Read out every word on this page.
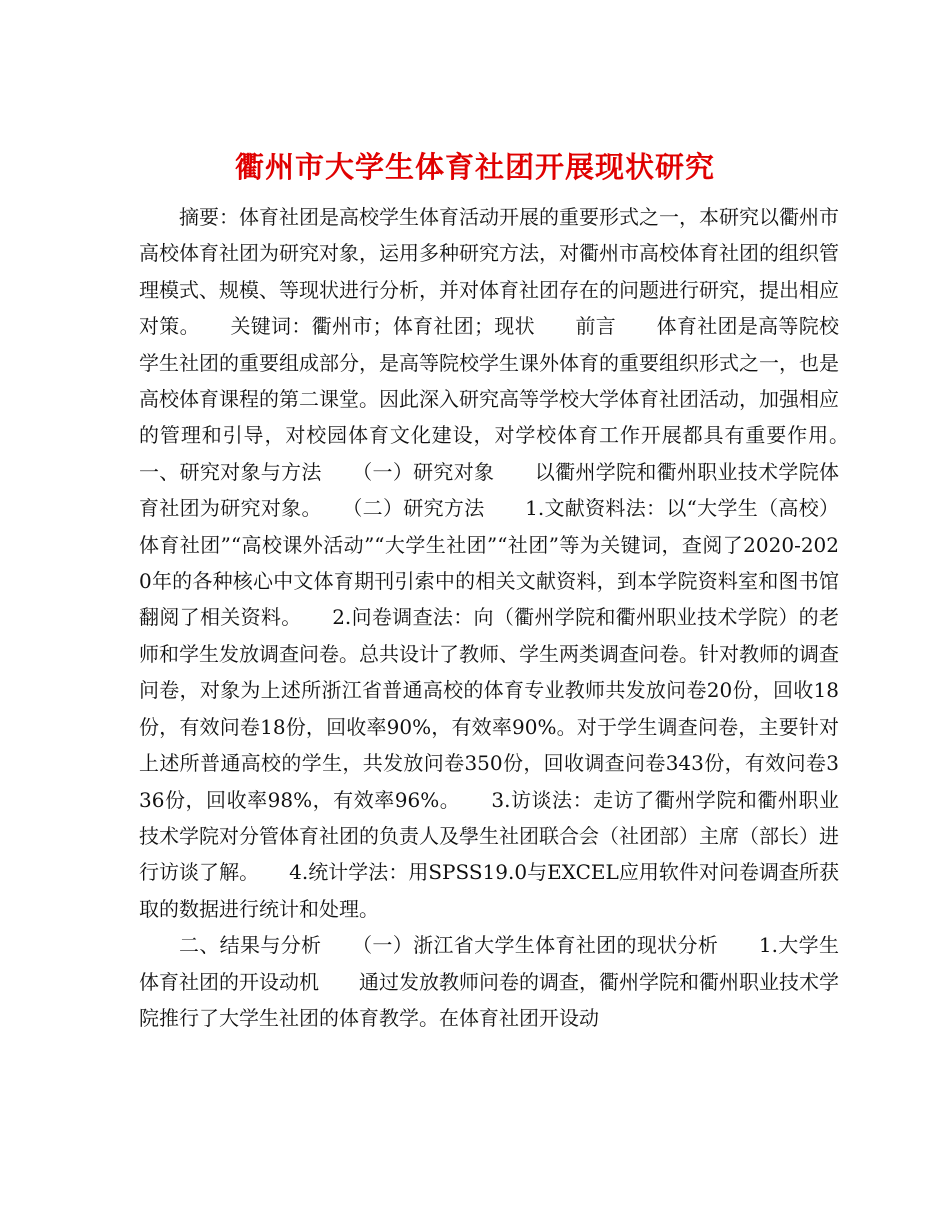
衢州市大学生体育社团开展现状研究

摘要：体育社团是高校学生体育活动开展的重要形式之一，本研究以衢州市高校体育社团为研究对象，运用多种研究方法，对衢州市高校体育社团的组织管理模式、规模、等现状进行分析，并对体育社团存在的问题进行研究，提出相应对策。　　关键词：衢州市；体育社团；现状　　前言　　体育社团是高等院校学生社团的重要组成部分，是高等院校学生课外体育的重要组织形式之一，也是高校体育课程的第二课堂。因此深入研究高等学校大学体育社团活动，加强相应的管理和引导，对校园体育文化建设，对学校体育工作开展都具有重要作用。　　一、研究对象与方法　　（一）研究对象　　以衢州学院和衢州职业技术学院体育社团为研究对象。　　（二）研究方法　　1.文献资料法：以“大学生（高校）体育社团”“高校课外活动”“大学生社团”“社团”等为关键词，查阅了2020-2020年的各种核心中文体育期刊引索中的相关文献资料，到本学院资料室和图书馆翻阅了相关资料。　　2.问卷调查法：向（衢州学院和衢州职业技术学院）的老师和学生发放调查问卷。总共设计了教师、学生两类调查问卷。针对教师的调查问卷，对象为上述所浙江省普通高校的体育专业教师共发放问卷20份，回收18份，有效问卷18份，回收率90%，有效率90%。对于学生调查问卷，主要针对上述所普通高校的学生，共发放问卷350份，回收调查问卷343份，有效问卷336份，回收率98%，有效率96%。　　3.访谈法：走访了衢州学院和衢州职业技术学院对分管体育社团的负责人及學生社团联合会（社团部）主席（部长）进行访谈了解。　　4.统计学法：用SPSS19.0与EXCEL应用软件对问卷调查所获取的数据进行统计和处理。

二、结果与分析　　（一）浙江省大学生体育社团的现状分析　　1.大学生体育社团的开设动机　　通过发放教师问卷的调查，衢州学院和衢州职业技术学院推行了大学生社团的体育教学。在体育社团开设动
